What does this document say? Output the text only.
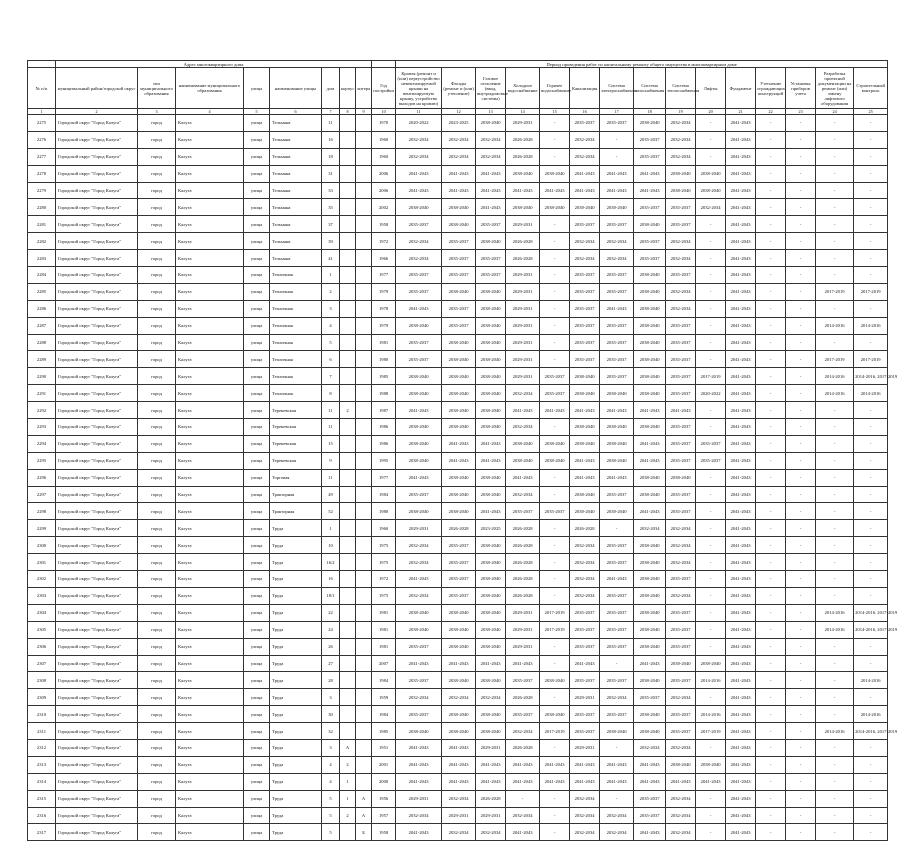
	Адрес многоквартирного дома									Период проведения работ по капитальному ремонту общего имущества в многоквартирном доме														
№ п/п	муниципальный район/городской округ	тип муниципального образования	наименование муниципального образования	улица	наименование улицы	дом	корпус	литера	Год постройки	Кровля (ремонт и (или) переустройство невентилируемой крыши на вентилируемую крышу, устройство выходов на кровлю)	Фасады (ремонт и (или) утепление)	Газовое отопление (ввод, внутридомовые системы)	Холодное водоснабжение	Горячее водоснабжение	Канализация	Система электроснабжения	Система газоснабжения	Система теплоснабжения	Лифты	Фундамент	Утепление ограждающих конструкций	Установка приборов учета	Разработка проектной документации на ремонт (или) замену лифтового оборудования	Строительный контроль
1	2	3	4	5	6	7	8	9	10	11	12	13	14	15	16	17	18	19	20	21	22	23	24	25
2275	Городской округ "Город Калуга"	город	Калуга	улица	Тельмана	11			1970	2020-2022	2023-2025	2038-2040	2029-2031	-	2035-2037	2035-2037	2038-2040	2032-2034	-	2041-2043	-	-	-	-
2276	Городской округ "Город Калуга"	город	Калуга	улица	Тельмана	16			1960	2032-2034	2032-2034	2032-2034	2026-2028	-	2032-2034	-	2035-2037	2032-2034	-	2041-2043	-	-	-	-
2277	Городской округ "Город Калуга"	город	Калуга	улица	Тельмана	18			1960	2032-2034	2032-2034	2032-2034	2026-2028	-	2032-2034	-	2035-2037	2032-2034	-	2041-2043	-	-	-	-
2278	Городской округ "Город Калуга"	город	Калуга	улица	Тельмана	31			2006	2041-2043	2041-2043	2041-2043	2038-2040	2038-2040	2041-2043	2041-2043	2041-2043	2038-2040	2038-2040	2041-2043	-	-	-	-
2279	Городской округ "Город Калуга"	город	Калуга	улица	Тельмана	33			2006	2041-2043	2041-2043	2041-2043	2041-2043	2041-2043	2041-2043	2041-2043	2041-2043	2038-2040	2038-2040	2041-2043	-	-	-	-
2280	Городской округ "Город Калуга"	город	Калуга	улица	Тельмана	35			2002	2038-2040	2038-2040	2041-2043	2038-2040	2038-2040	2038-2040	2038-2040	2035-2037	2035-2037	2032-2034	2041-2043	-	-	-	-
2281	Городской округ "Город Калуга"	город	Калуга	улица	Тельмана	37			1958	2035-2037	2038-2040	2035-2037	2029-2031	-	2035-2037	2035-2037	2038-2040	2035-2037	-	2041-2043	-	-	-	-
2282	Городской округ "Город Калуга"	город	Калуга	улица	Тельмана	39			1972	2032-2034	2035-2037	2038-2040	2026-2028	-	2032-2034	2032-2034	2035-2037	2032-2034	-	2041-2043	-	-	-	-
2283	Городской округ "Город Калуга"	город	Калуга	улица	Тельмана	41			1966	2032-2034	2035-2037	2035-2037	2026-2028	-	2032-2034	2032-2034	2035-2037	2032-2034	-	2041-2043	-	-	-	-
2284	Городской округ "Город Калуга"	город	Калуга	улица	Тепличная	1			1977	2035-2037	2035-2037	2035-2037	2029-2031	-	2035-2037	2035-2037	2038-2040	2035-2037	-	2041-2043	-	-	-	-
2285	Городской округ "Город Калуга"	город	Калуга	улица	Тепличная	2			1979	2035-2037	2038-2040	2038-2040	2029-2031	-	2035-2037	2035-2037	2038-2040	2032-2034	-	2041-2043	-	-	2017-2019	2017-2019
2286	Городской округ "Город Калуга"	город	Калуга	улица	Тепличная	3			1978	2041-2043	2035-2037	2038-2040	2029-2031	-	2035-2037	2041-2043	2038-2040	2032-2034	-	2041-2043	-	-	-	-
2287	Городской округ "Город Калуга"	город	Калуга	улица	Тепличная	4			1979	2038-2040	2035-2037	2038-2040	2029-2031	-	2035-2037	2035-2037	2038-2040	2035-2037	-	2041-2043	-	-	2014-2016	2014-2016
2288	Городской округ "Город Калуга"	город	Калуга	улица	Тепличная	5			1981	2035-2037	2038-2040	2038-2040	2029-2031	-	2035-2037	2035-2037	2038-2040	2035-2037	-	2041-2043	-	-	-	-
2289	Городской округ "Город Калуга"	город	Калуга	улица	Тепличная	6			1980	2035-2037	2038-2040	2038-2040	2029-2031	-	2035-2037	2035-2037	2038-2040	2035-2037	-	2041-2043	-	-	2017-2019	2017-2019
2290	Городской округ "Город Калуга"	город	Калуга	улица	Тепличная	7			1985	2038-2040	2038-2040	2038-2040	2029-2031	2035-2037	2038-2040	2035-2037	2038-2040	2035-2037	2017-2019	2041-2043	-	-	2014-2016	2014-2016, 2017-2019
2291	Городской округ "Город Калуга"	город	Калуга	улица	Тепличная	8			1988	2038-2040	2038-2040	2038-2040	2032-2034	2035-2037	2038-2040	2038-2040	2038-2040	2035-2037	2020-2022	2041-2043	-	-	2014-2016	2014-2016
2292	Городской округ "Город Калуга"	город	Калуга	улица	Тереневская	11	2		1987	2041-2043	2038-2040	2038-2040	2041-2043	2041-2043	2041-2043	2041-2043	2041-2043	2041-2043	-	2041-2043	-	-	-	-
2293	Городской округ "Город Калуга"	город	Калуга	улица	Тереневская	11			1986	2038-2040	2038-2040	2038-2040	2032-2034	-	2038-2040	2038-2040	2038-2040	2035-2037	-	2041-2043	-	-	-	-
2294	Городской округ "Город Калуга"	город	Калуга	улица	Тереневская	15			1986	2038-2040	2041-2043	2041-2043	2038-2040	2038-2040	2038-2040	2038-2040	2041-2043	2035-2037	2035-2037	2041-2043	-	-	-	-
2295	Городской округ "Город Калуга"	город	Калуга	улица	Тереневская	9			1995	2038-2040	2041-2043	2041-2043	2038-2040	2038-2040	2041-2043	2038-2040	2041-2043	2035-2037	2035-2037	2041-2043	-	-	-	-
2296	Городской округ "Город Калуга"	город	Калуга	улица	Торговая	11			1977	2041-2043	2038-2040	2038-2040	2041-2043	-	2041-2043	2041-2043	2038-2040	2038-2040	-	2041-2043	-	-	-	-
2297	Городской округ "Город Калуга"	город	Калуга	улица	Тракторная	49			1984	2035-2037	2038-2040	2038-2040	2032-2034	-	2038-2040	2035-2037	2038-2040	2035-2037	-	2041-2043	-	-	-	-
2298	Городской округ "Город Калуга"	город	Калуга	улица	Тракторная	52			1980	2038-2040	2038-2040	2041-2043	2035-2037	2035-2037	2038-2040	2038-2040	2041-2043	2035-2037	-	2041-2043	-	-	-	-
2299	Городской округ "Город Калуга"	город	Калуга	улица	Труда	1			1960	2029-2031	2026-2028	2023-2025	2026-2028	-	2026-2028	-	2032-2034	2032-2034	-	2041-2043	-	-	-	-
2300	Городской округ "Город Калуга"	город	Калуга	улица	Труда	10			1975	2032-2034	2035-2037	2038-2040	2026-2028	-	2032-2034	2035-2037	2038-2040	2032-2034	-	2041-2043	-	-	-	-
2301	Городской округ "Город Калуга"	город	Калуга	улица	Труда	16/2			1975	2032-2034	2035-2037	2038-2040	2026-2028	-	2032-2034	2035-2037	2038-2040	2032-2034	-	2041-2043	-	-	-	-
2302	Городской округ "Город Калуга"	город	Калуга	улица	Труда	16			1972	2041-2043	2035-2037	2038-2040	2026-2028	-	2032-2034	2041-2043	2038-2040	2035-2037	-	2041-2043	-	-	-	-
2303	Городской округ "Город Калуга"	город	Калуга	улица	Труда	18/1			1975	2032-2034	2035-2037	2038-2040	2026-2028	-	2032-2034	2035-2037	2038-2040	2032-2034	-	2041-2043	-	-	-	-
2304	Городской округ "Город Калуга"	город	Калуга	улица	Труда	22			1981	2038-2040	2038-2040	2038-2040	2029-2031	2017-2019	2035-2037	2035-2037	2038-2040	2035-2037	-	2041-2043	-	-	2014-2016	2014-2016, 2017-2019
2305	Городской округ "Город Калуга"	город	Калуга	улица	Труда	24			1981	2038-2040	2038-2040	2038-2040	2029-2031	2017-2019	2035-2037	2035-2037	2038-2040	2035-2037	-	2041-2043	-	-	2014-2016	2014-2016, 2017-2019
2306	Городской округ "Город Калуга"	город	Калуга	улица	Труда	26			1981	2035-2037	2038-2040	2038-2040	2029-2031	-	2035-2037	2035-2037	2038-2040	2035-2037	-	2041-2043	-	-	-	-
2307	Городской округ "Город Калуга"	город	Калуга	улица	Труда	27			2007	2041-2043	2041-2043	2041-2043	2041-2043	-	2041-2043	-	2041-2043	2038-2040	2038-2040	2041-2043	-	-	-	-
2308	Городской округ "Город Калуга"	город	Калуга	улица	Труда	28			1984	2035-2037	2038-2040	2038-2040	2035-2037	2038-2040	2035-2037	2035-2037	2038-2040	2035-2037	2014-2016	2041-2043	-	-	-	2014-2016
2309	Городской округ "Город Калуга"	город	Калуга	улица	Труда	3			1959	2032-2034	2032-2034	2032-2034	2026-2028	-	2029-2031	2032-2034	2035-2037	2032-2034	-	2041-2043	-	-	-	-
2310	Городской округ "Город Калуга"	город	Калуга	улица	Труда	30			1984	2035-2037	2038-2040	2038-2040	2035-2037	2038-2040	2035-2037	2035-2037	2038-2040	2035-2037	2014-2016	2041-2043	-	-	-	2014-2016
2311	Городской округ "Город Калуга"	город	Калуга	улица	Труда	32			1985	2038-2040	2038-2040	2038-2040	2032-2034	2017-2019	2035-2037	2038-2040	2038-2040	2035-2037	2017-2019	2041-2043	-	-	2014-2016	2014-2016, 2017-2019
2312	Городской округ "Город Калуга"	город	Калуга	улица	Труда	3	А		1951	2041-2043	2041-2043	2029-2031	2026-2028	-	2029-2031	-	2032-2034	2032-2034	-	2041-2043	-	-	-	-
2313	Городской округ "Город Калуга"	город	Калуга	улица	Труда	4	2		2001	2041-2043	2041-2043	2041-2043	2041-2043	2041-2043	2041-2043	2041-2043	2041-2043	2038-2040	2038-2040	2041-2043	-	-	-	-
2314	Городской округ "Город Калуга"	город	Калуга	улица	Труда	4	1		2000	2041-2043	2041-2043	2041-2043	2041-2043	2041-2043	2041-2043	2041-2043	2041-2043	2041-2043	2041-2043	2041-2043	-	-	-	-
2315	Городской округ "Город Калуга"	город	Калуга	улица	Труда	5	1	А	1956	2029-2031	2032-2034	2026-2028	-	-	2032-2034	-	2035-2037	2032-2034	-	2041-2043	-	-	-	-
2316	Городской округ "Город Калуга"	город	Калуга	улица	Труда	5	2	А	1957	2032-2034	2029-2031	2029-2031	2032-2034	-	2032-2034	2032-2034	2035-2037	2032-2034	-	2041-2043	-	-	-	-
2317	Городской округ "Город Калуга"	город	Калуга	улица	Труда	5		Б	1958	2041-2043	2032-2034	2032-2034	2041-2043	-	2032-2034	2032-2034	2041-2043	2032-2034	-	2041-2043	-	-	-	-
